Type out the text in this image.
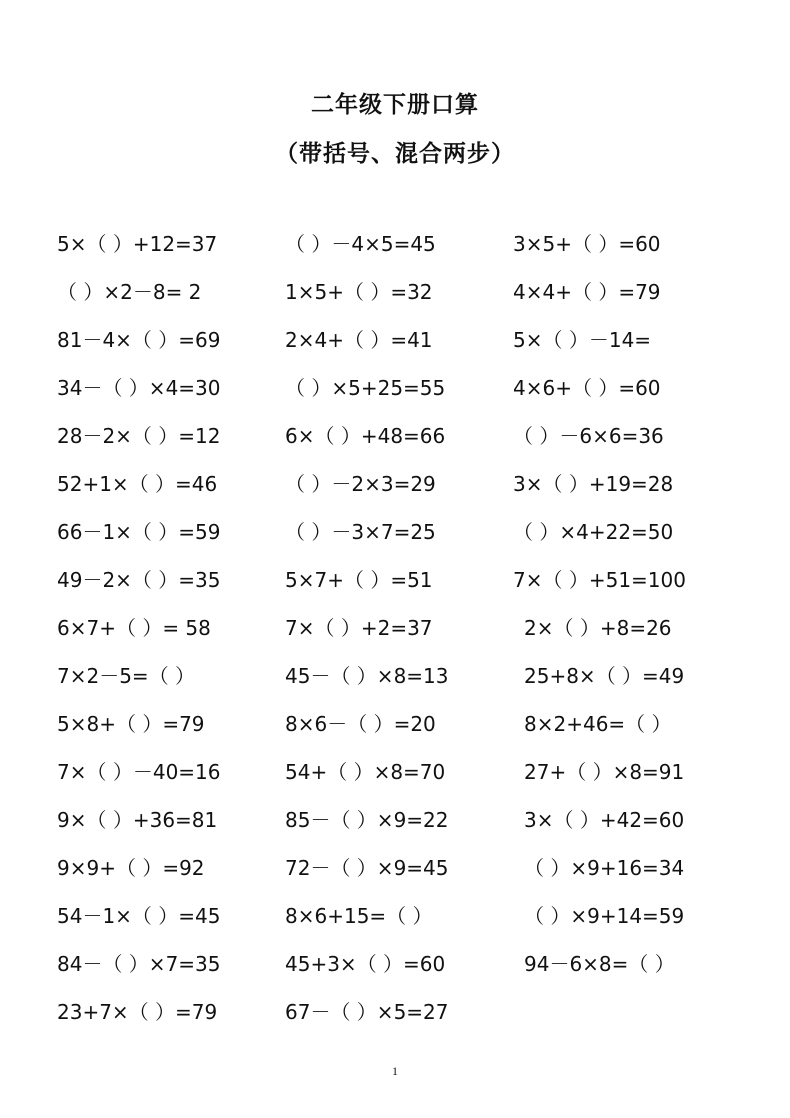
二年级下册口算
（带括号、混合两步）
5×（ ）+12=37	（ ）－4×5=45	3×5+（ ）=60
（ ）×2－8= 2	1×5+（ ）=32	4×4+（ ）=79
81－4×（ ）=69	2×4+（ ）=41	5×（ ）－14=
34－（ ）×4=30	（ ）×5+25=55	4×6+（ ）=60
28－2×（ ）=12	6×（ ）+48=66	（ ）－6×6=36
52+1×（ ）=46	（ ）－2×3=29	3×（ ）+19=28
66－1×（ ）=59	（ ）－3×7=25	（ ）×4+22=50
49－2×（ ）=35	5×7+（ ）=51	7×（ ）+51=100
6×7+（ ）= 58	7×（ ）+2=37	2×（ ）+8=26
7×2－5=（ ）	45－（ ）×8=13	25+8×（ ）=49
5×8+（ ）=79	8×6－（ ）=20	8×2+46=（ ）
7×（ ）－40=16	54+（ ）×8=70	27+（ ）×8=91
9×（ ）+36=81	85－（ ）×9=22	3×（ ）+42=60
9×9+（ ）=92	72－（ ）×9=45	（ ）×9+16=34
54－1×（ ）=45	8×6+15=（ ）	（ ）×9+14=59
84－（ ）×7=35	45+3×（ ）=60	94－6×8=（ ）
23+7×（ ）=79	67－（ ）×5=27
1
